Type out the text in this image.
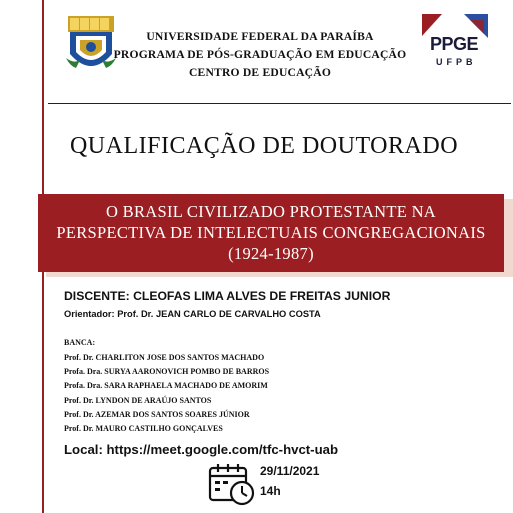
UNIVERSIDADE FEDERAL DA PARAÍBA
PROGRAMA DE PÓS-GRADUAÇÃO EM EDUCAÇÃO
CENTRO DE EDUCAÇÃO
PPGE
UFPB
QUALIFICAÇÃO DE DOUTORADO
O BRASIL CIVILIZADO PROTESTANTE NA
PERSPECTIVA DE INTELECTUAIS CONGREGACIONAIS
(1924-1987)
DISCENTE: CLEOFAS LIMA ALVES DE FREITAS JUNIOR
Orientador: Prof. Dr. JEAN CARLO DE CARVALHO COSTA
BANCA:
Prof. Dr. CHARLITON JOSE DOS SANTOS MACHADO
Profa. Dra. SURYA AARONOVICH POMBO DE BARROS
Profa. Dra. SARA RAPHAELA MACHADO DE AMORIM
Prof. Dr. LYNDON DE ARAÚJO SANTOS
Prof. Dr. AZEMAR DOS SANTOS SOARES JÚNIOR
Prof. Dr. MAURO CASTILHO GONÇALVES
Local: https://meet.google.com/tfc-hvct-uab
29/11/2021
14h
